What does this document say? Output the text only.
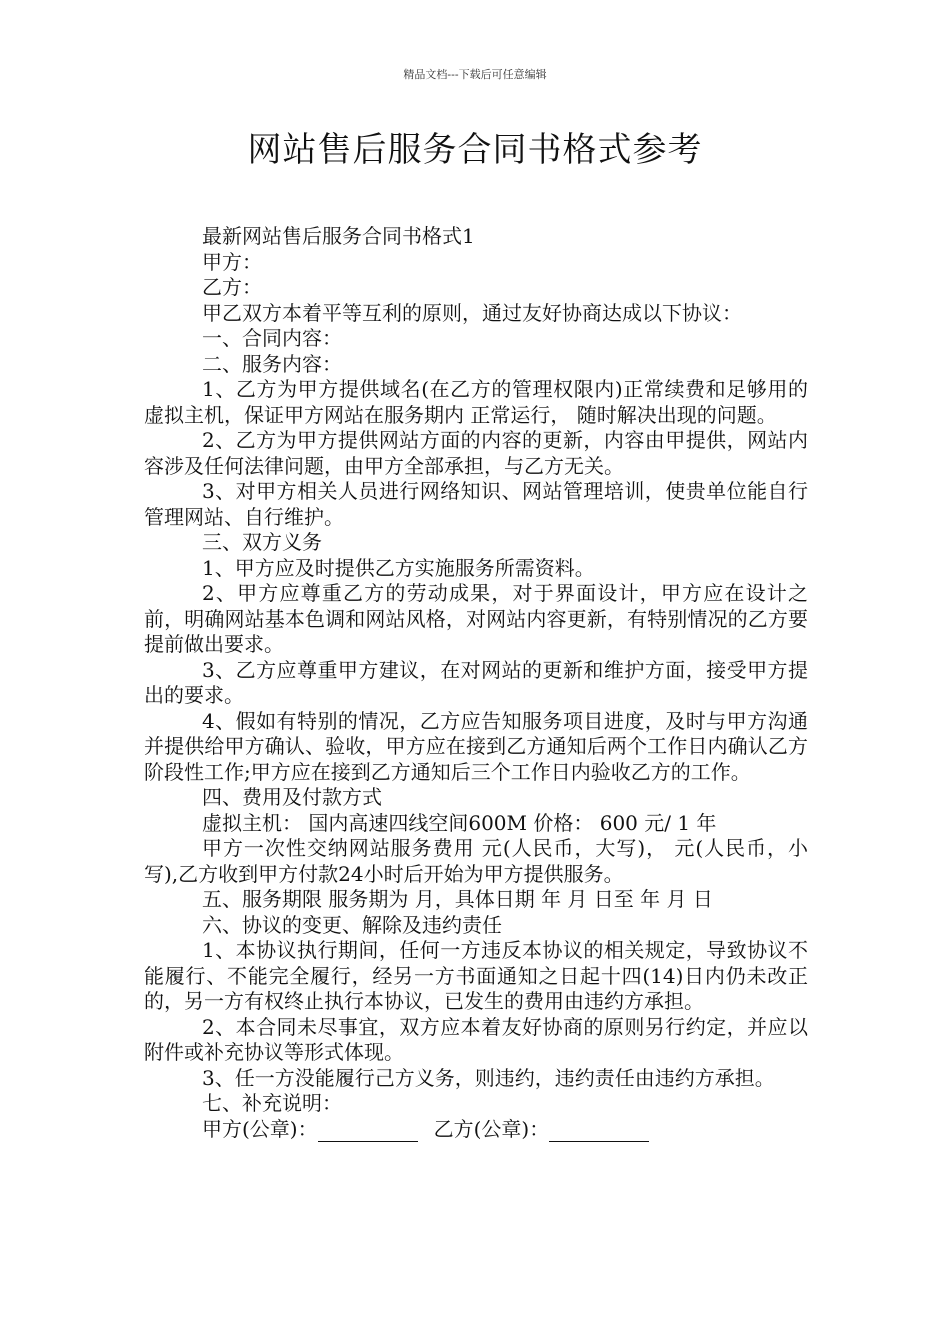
精品文档---下载后可任意编辑
网站售后服务合同书格式参考
最新网站售后服务合同书格式1
甲方：
乙方：
甲乙双方本着平等互利的原则，通过友好协商达成以下协议：
一、合同内容：
二、服务内容：
1、乙方为甲方提供域名(在乙方的管理权限内)正常续费和足够用的虚拟主机，保证甲方网站在服务期内 正常运行， 随时解决出现的问题。
2、乙方为甲方提供网站方面的内容的更新，内容由甲提供，网站内容涉及任何法律问题，由甲方全部承担，与乙方无关。
3、对甲方相关人员进行网络知识、网站管理培训，使贵单位能自行管理网站、自行维护。
三、双方义务
1、甲方应及时提供乙方实施服务所需资料。
2、甲方应尊重乙方的劳动成果，对于界面设计，甲方应在设计之前，明确网站基本色调和网站风格，对网站内容更新，有特别情况的乙方要提前做出要求。
3、乙方应尊重甲方建议，在对网站的更新和维护方面，接受甲方提出的要求。
4、假如有特别的情况，乙方应告知服务项目进度，及时与甲方沟通并提供给甲方确认、验收，甲方应在接到乙方通知后两个工作日内确认乙方阶段性工作;甲方应在接到乙方通知后三个工作日内验收乙方的工作。
四、费用及付款方式
虚拟主机： 国内高速四线空间600M 价格： 600 元/ 1 年
甲方一次性交纳网站服务费用 元(人民币，大写)， 元(人民币，小写),乙方收到甲方付款24小时后开始为甲方提供服务。
五、服务期限 服务期为 月，具体日期 年 月 日至 年 月 日
六、协议的变更、解除及违约责任
1、本协议执行期间，任何一方违反本协议的相关规定，导致协议不能履行、不能完全履行，经另一方书面通知之日起十四(14)日内仍未改正的，另一方有权终止执行本协议，已发生的费用由违约方承担。
2、本合同未尽事宜，双方应本着友好协商的原则另行约定，并应以附件或补充协议等形式体现。
3、任一方没能履行己方义务，则违约，违约责任由违约方承担。
七、补充说明：
甲方(公章)：	乙方(公章)：
